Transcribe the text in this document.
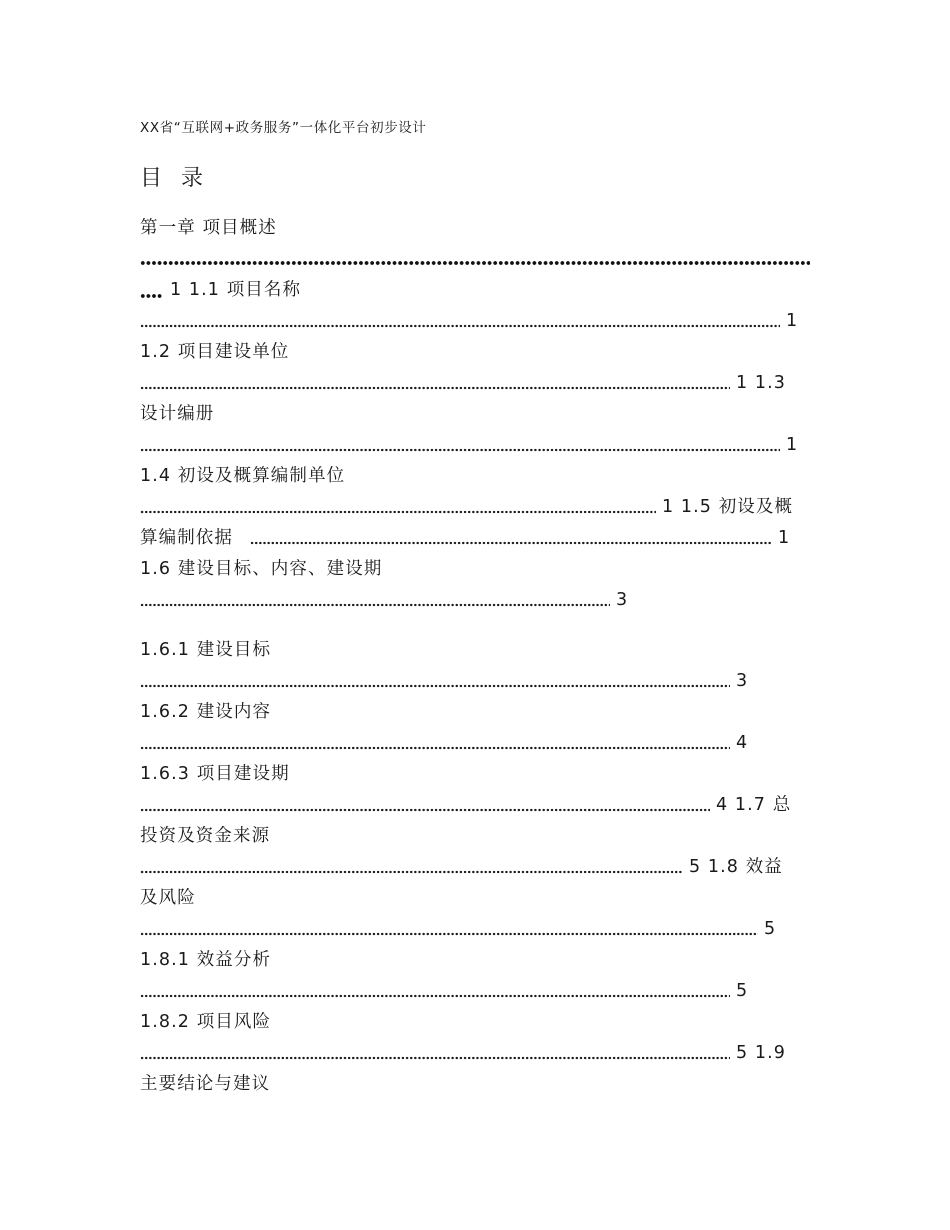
XX省“互联网+政务服务”一体化平台初步设计
目 录
第一章 项目概述
1 1.1 项目名称
1
1.2 项目建设单位
1 1.3
设计编册
1
1.4 初设及概算编制单位
1 1.5 初设及概
算编制依据	1
1.6 建设目标、内容、建设期
3
1.6.1 建设目标
3
1.6.2 建设内容
4
1.6.3 项目建设期
4 1.7 总
投资及资金来源
5 1.8 效益
及风险
5
1.8.1 效益分析
5
1.8.2 项目风险
5 1.9
主要结论与建议
